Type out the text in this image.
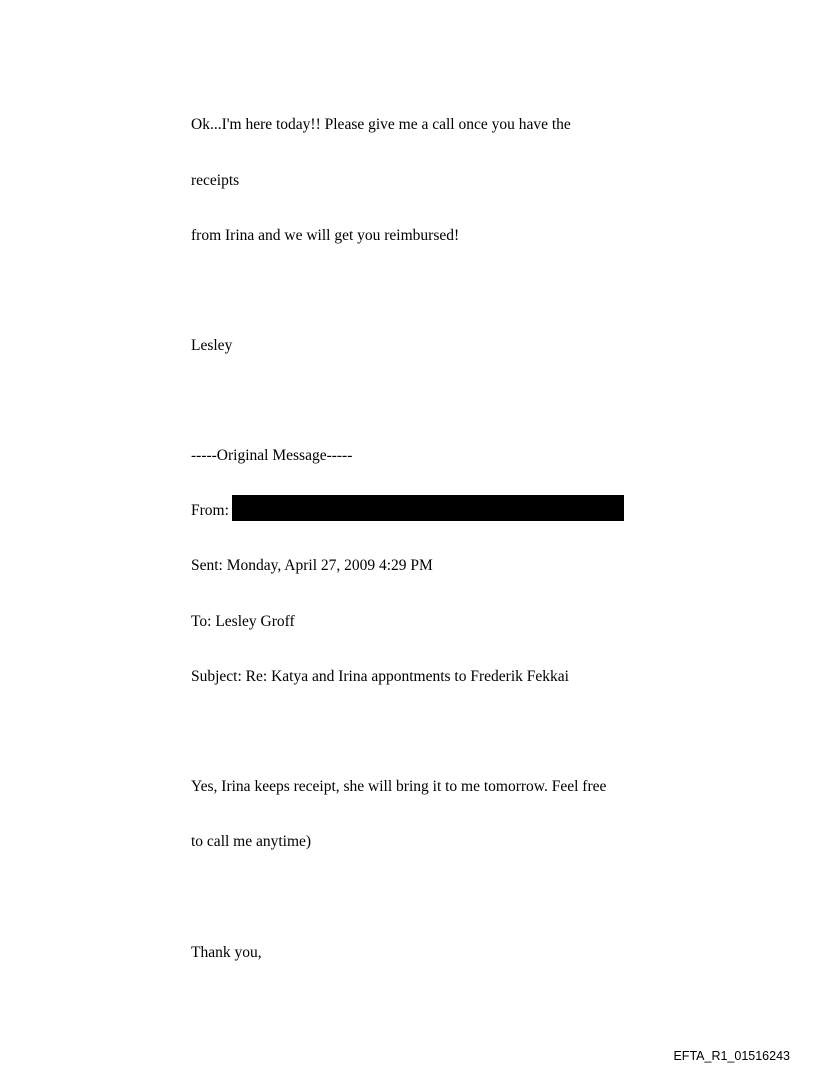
Ok...I'm here today!! Please give me a call once you have the
receipts
from Irina and we will get you reimbursed!
Lesley
-----Original Message-----
From:
Sent: Monday, April 27, 2009 4:29 PM
To: Lesley Groff
Subject: Re: Katya and Irina appontments to Frederik Fekkai
Yes, Irina keeps receipt, she will bring it to me tomorrow. Feel free
to call me anytime)
Thank you,
EFTA_R1_01516243
